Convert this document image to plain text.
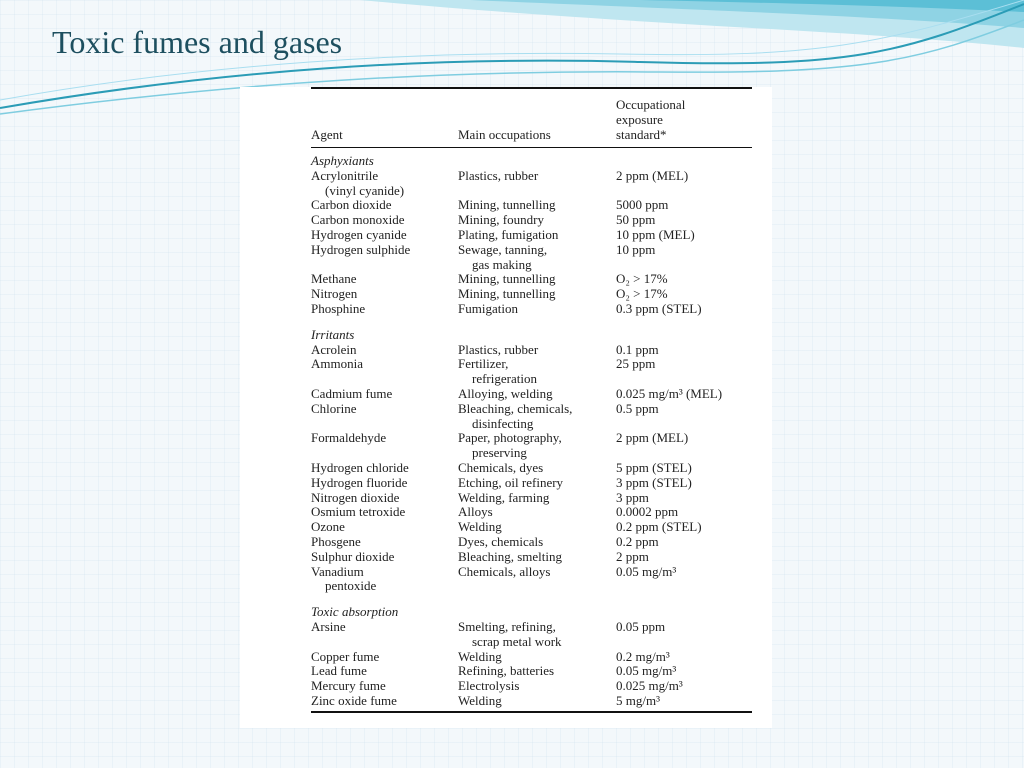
Toxic fumes and gases
Agent	Main occupations	Occupational
exposure
standard*
Asphyxiants		
Acrylonitrile	Plastics, rubber	2 ppm (MEL)
(vinyl cyanide)		
Carbon dioxide	Mining, tunnelling	5000 ppm
Carbon monoxide	Mining, foundry	50 ppm
Hydrogen cyanide	Plating, fumigation	10 ppm (MEL)
Hydrogen sulphide	Sewage, tanning,	10 ppm
	gas making	
Methane	Mining, tunnelling	O₂ > 17%
Nitrogen	Mining, tunnelling	O₂ > 17%
Phosphine	Fumigation	0.3 ppm (STEL)
Irritants		
Acrolein	Plastics, rubber	0.1 ppm
Ammonia	Fertilizer,	25 ppm
	refrigeration	
Cadmium fume	Alloying, welding	0.025 mg/m³ (MEL)
Chlorine	Bleaching, chemicals,	0.5 ppm
	disinfecting	
Formaldehyde	Paper, photography,	2 ppm (MEL)
	preserving	
Hydrogen chloride	Chemicals, dyes	5 ppm (STEL)
Hydrogen fluoride	Etching, oil refinery	3 ppm (STEL)
Nitrogen dioxide	Welding, farming	3 ppm
Osmium tetroxide	Alloys	0.0002 ppm
Ozone	Welding	0.2 ppm (STEL)
Phosgene	Dyes, chemicals	0.2 ppm
Sulphur dioxide	Bleaching, smelting	2 ppm
Vanadium	Chemicals, alloys	0.05 mg/m³
pentoxide		
Toxic absorption		
Arsine	Smelting, refining,	0.05 ppm
	scrap metal work	
Copper fume	Welding	0.2 mg/m³
Lead fume	Refining, batteries	0.05 mg/m³
Mercury fume	Electrolysis	0.025 mg/m³
Zinc oxide fume	Welding	5 mg/m³
